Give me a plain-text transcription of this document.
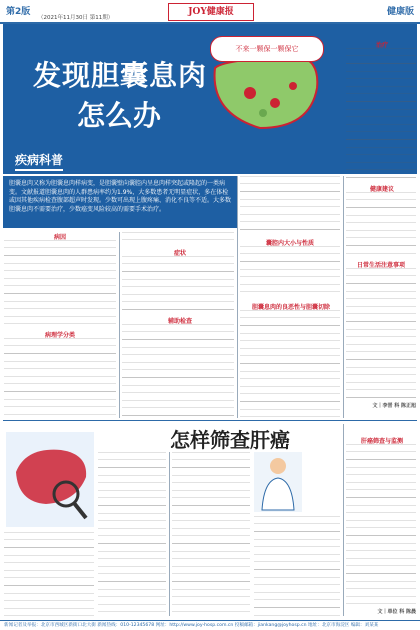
第2版
（2021年11月30日 第11期）
JOY健康报	健康版
发现胆囊息肉
怎么办
疾病科普
不来一颗保一颗保它
胆囊息肉又称为胆囊息肉样病变，是胆囊壁向囊腔内呈息肉样突起或隆起的一类病变。文献报道胆囊息肉的人群患病率约为1.9%，大多数患者无明显症状，多在体检或因其他疾病检查腹部超声时发现。少数可出现上腹疼痛、消化不良等不适。大多数胆囊息肉不需要治疗，少数癌变风险较高的需要手术治疗。
病因
病理学分类
症状
辅助检查
囊腔内大小与性质
胆囊息肉的良恶性与胆囊切除
治疗
健康建议
日常生活注意事项
文｜李晋 科 陈正旭
怎样筛查肝癌	肝癌筛查与监测
文｜单位 科 陈晨
新闻记者及举报：北京市西城区新街口北大街 新闻热线：010-12345678 网址：http://www.joy-hosp.com.cn 投稿邮箱：jiankang@joyhosp.cn 地址：北京市海淀区 编辑：刘某某
